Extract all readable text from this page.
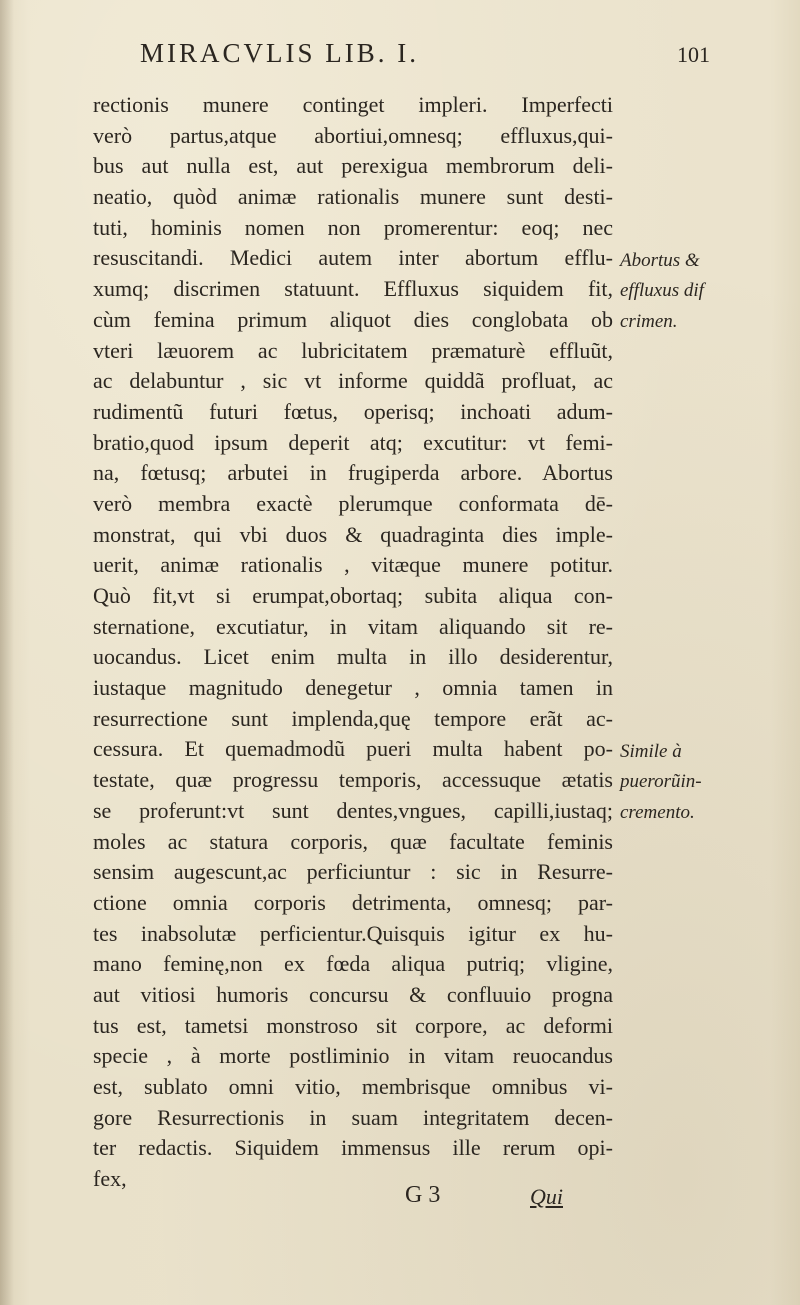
MIRACVLIS LIB. I.	101
rectionis munere continget impleri. Imperfecti
verò partus,atque abortiui,omnesq; effluxus,qui-
bus aut nulla est, aut perexigua membrorum deli-
neatio, quòd animæ rationalis munere sunt desti-
tuti, hominis nomen non promerentur: eoq; nec
resuscitandi. Medici autem inter abortum efflu-
xumq; discrimen statuunt. Effluxus siquidem fit,
cùm femina primum aliquot dies conglobata ob
vteri læuorem ac lubricitatem præmaturè effluũt,
ac delabuntur , sic vt informe quiddã profluat, ac
rudimentũ futuri fœtus, operisq; inchoati adum-
bratio,quod ipsum deperit atq; excutitur: vt femi-
na, fœtusq; arbutei in frugiperda arbore. Abortus
verò membra exactè plerumque conformata dē-
monstrat, qui vbi duos & quadraginta dies imple-
uerit, animæ rationalis , vitæque munere potitur.
Quò fit,vt si erumpat,obortaq; subita aliqua con-
sternatione, excutiatur, in vitam aliquando sit re-
uocandus. Licet enim multa in illo desiderentur,
iustaque magnitudo denegetur , omnia tamen in
resurrectione sunt implenda,quę tempore erãt ac-
cessura. Et quemadmodũ pueri multa habent po-
testate, quæ progressu temporis, accessuque ætatis
se proferunt:vt sunt dentes,vngues, capilli,iustaq;
moles ac statura corporis, quæ facultate feminis
sensim augescunt,ac perficiuntur : sic in Resurre-
ctione omnia corporis detrimenta, omnesq; par-
tes inabsolutæ perficientur.Quisquis igitur ex hu-
mano feminę,non ex fœda aliqua putriq; vligine,
aut vitiosi humoris concursu & confluuio progna
tus est, tametsi monstroso sit corpore, ac deformi
specie , à morte postliminio in vitam reuocandus
est, sublato omni vitio, membrisque omnibus vi-
gore Resurrectionis in suam integritatem decen-
ter redactis. Siquidem immensus ille rerum opi-
fex,
Abortus &
effluxus dif
crimen.
Simile à
puerorũin-
cremento.
G 3	Qui
